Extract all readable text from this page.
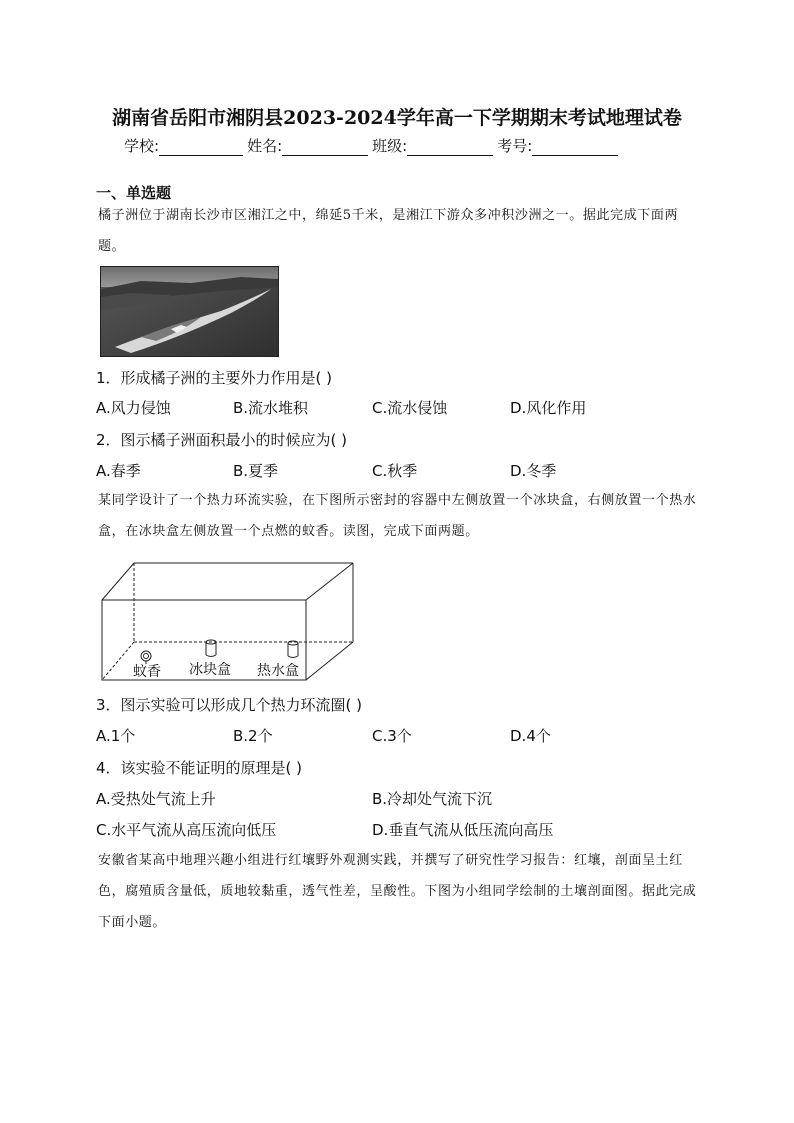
湖南省岳阳市湘阴县2023-2024学年高一下学期期末考试地理试卷
学校:	姓名:	班级:	考号:
一、单选题
橘子洲位于湖南长沙市区湘江之中，绵延5千米，是湘江下游众多冲积沙洲之一。据此完成下面两题。
1．形成橘子洲的主要外力作用是( )
A.风力侵蚀	B.流水堆积	C.流水侵蚀	D.风化作用
2．图示橘子洲面积最小的时候应为( )
A.春季	B.夏季	C.秋季	D.冬季
某同学设计了一个热力环流实验，在下图所示密封的容器中左侧放置一个冰块盒，右侧放置一个热水盒，在冰块盒左侧放置一个点燃的蚊香。读图，完成下面两题。
蚊香 冰块盒 热水盒
3．图示实验可以形成几个热力环流圈( )
A.1个	B.2个	C.3个	D.4个
4．该实验不能证明的原理是( )
A.受热处气流上升	B.冷却处气流下沉
C.水平气流从高压流向低压	D.垂直气流从低压流向高压
安徽省某高中地理兴趣小组进行红壤野外观测实践，并撰写了研究性学习报告：红壤，剖面呈土红色，腐殖质含量低，质地较黏重，透气性差，呈酸性。下图为小组同学绘制的土壤剖面图。据此完成下面小题。
